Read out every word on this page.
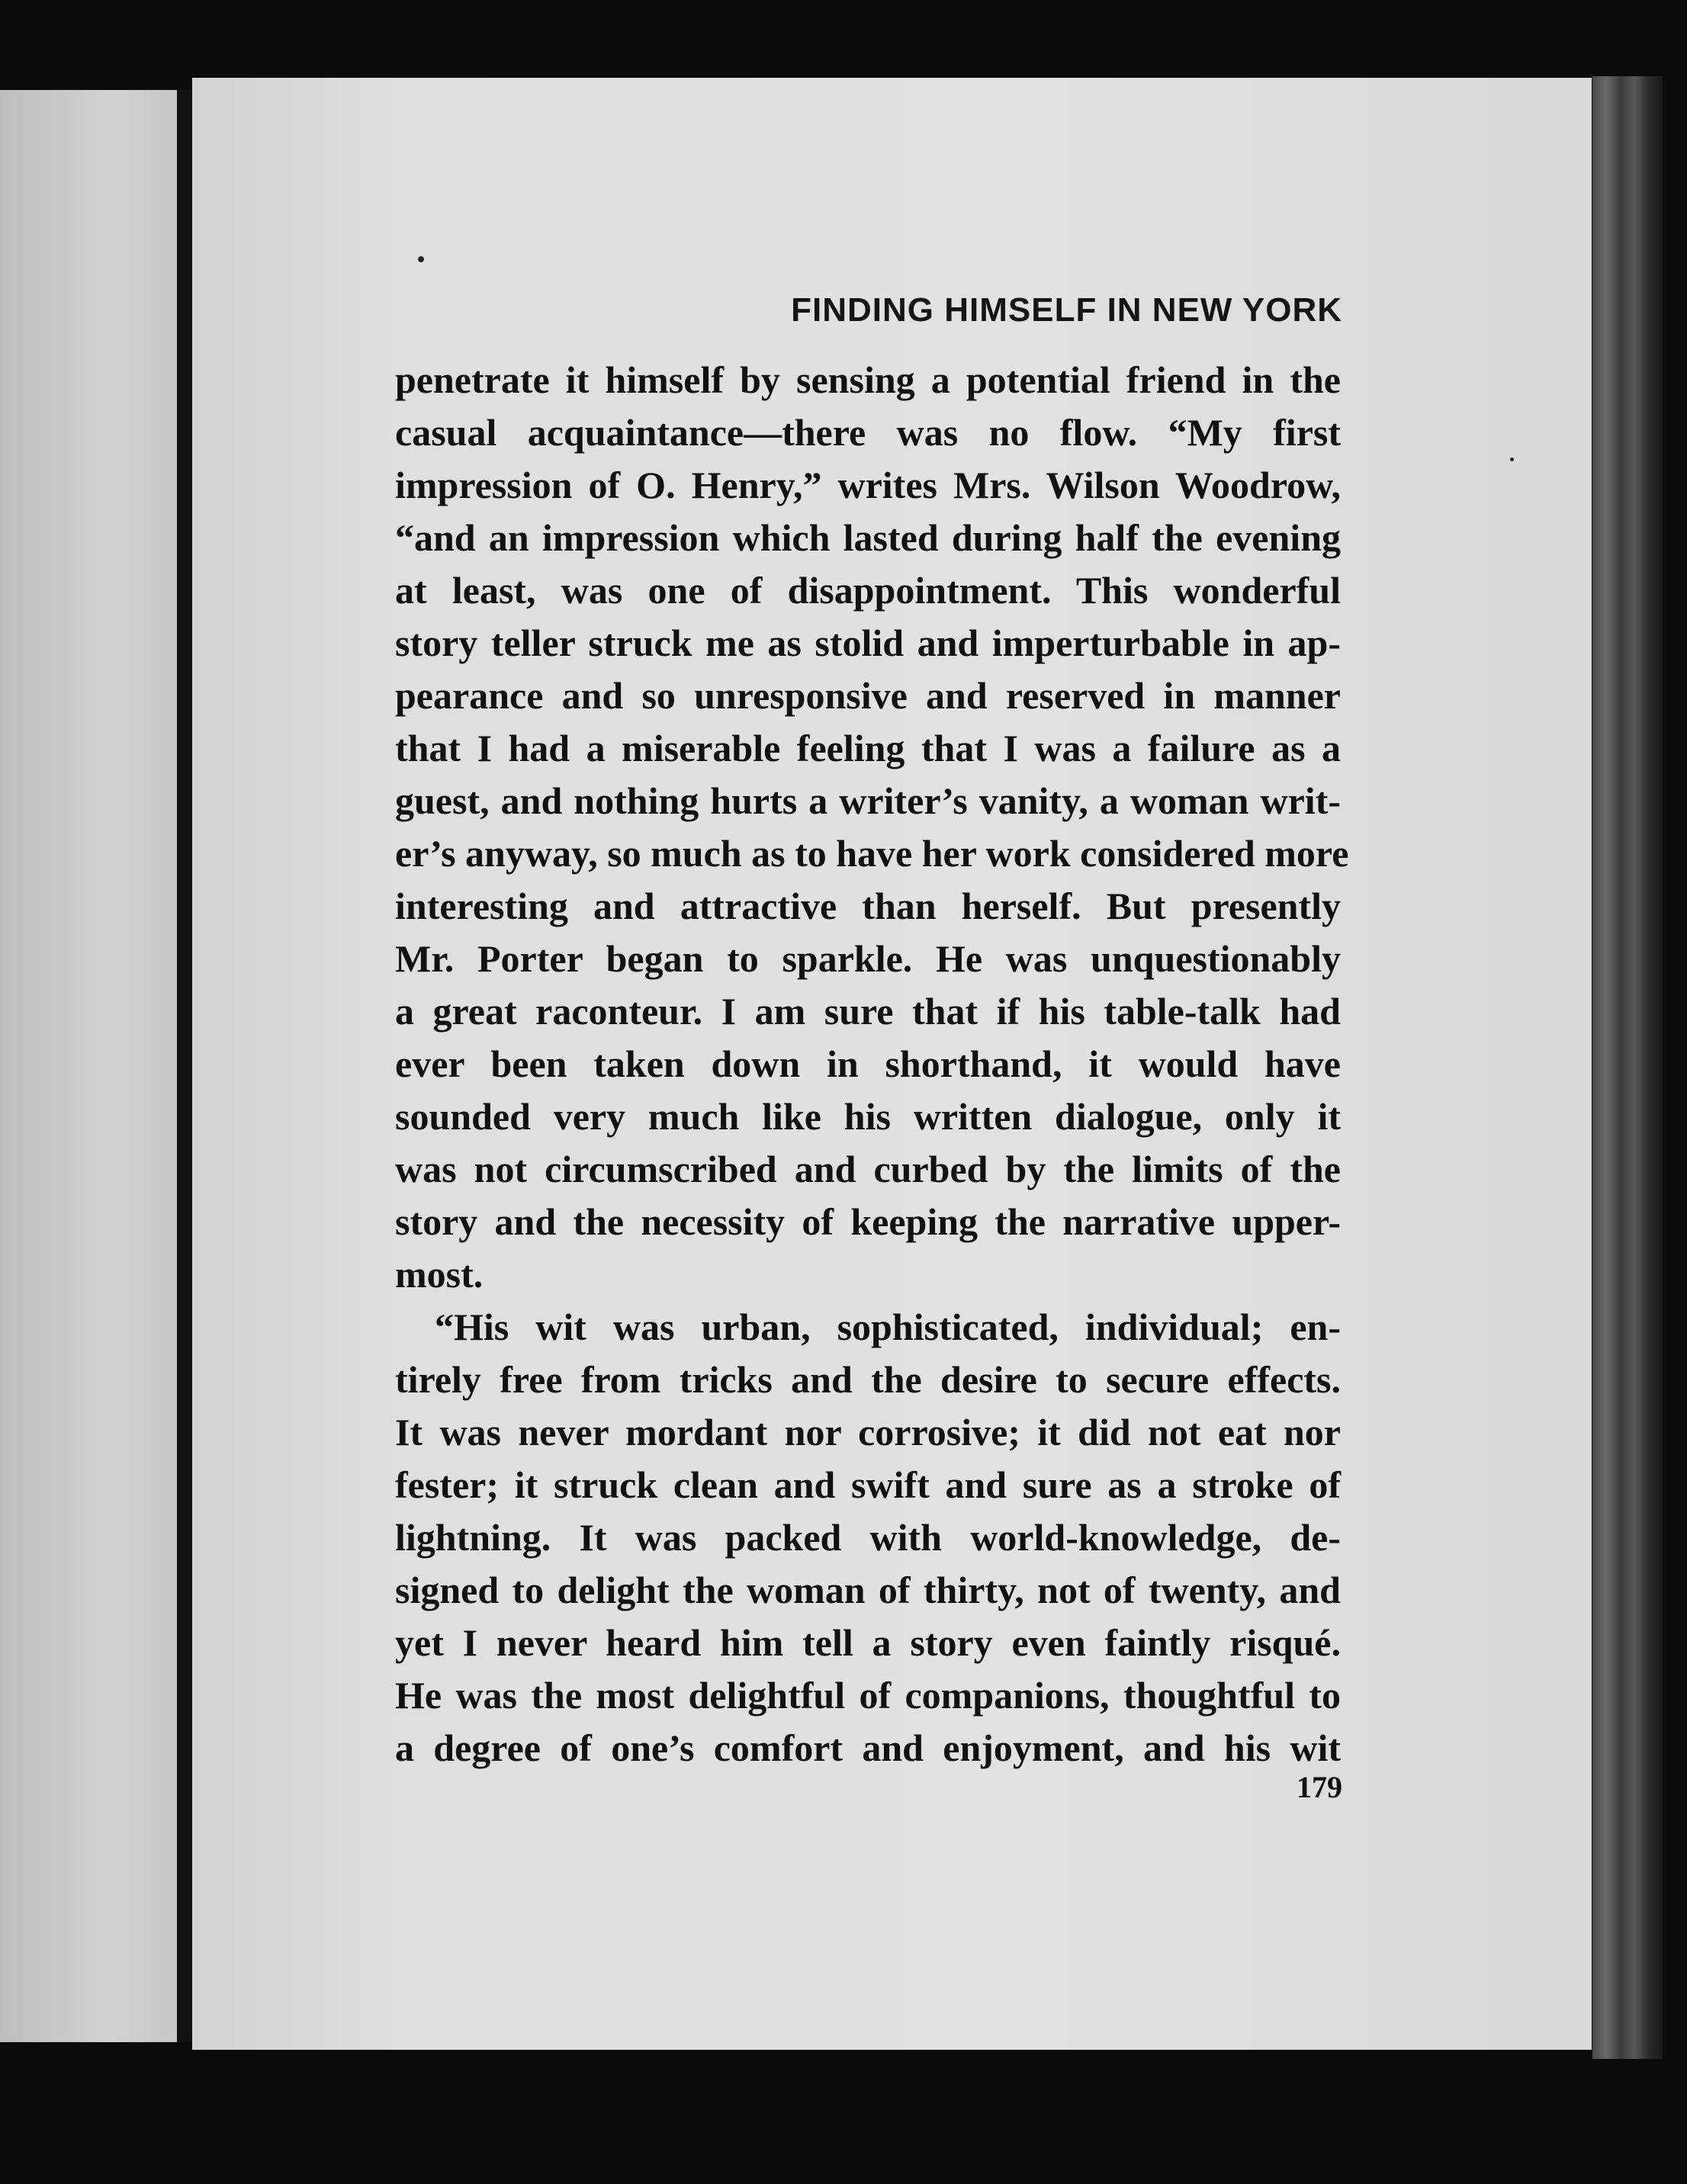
FINDING HIMSELF IN NEW YORK
penetrate it himself by sensing a potential friend in the
casual acquaintance—there was no flow. “My first
impression of O. Henry,” writes Mrs. Wilson Woodrow,
“and an impression which lasted during half the evening
at least, was one of disappointment. This wonderful
story teller struck me as stolid and imperturbable in ap-
pearance and so unresponsive and reserved in manner
that I had a miserable feeling that I was a failure as a
guest, and nothing hurts a writer’s vanity, a woman writ-
er’s anyway, so much as to have her work considered more
interesting and attractive than herself. But presently
Mr. Porter began to sparkle. He was unquestionably
a great raconteur. I am sure that if his table-talk had
ever been taken down in shorthand, it would have
sounded very much like his written dialogue, only it
was not circumscribed and curbed by the limits of the
story and the necessity of keeping the narrative upper-
most.
“His wit was urban, sophisticated, individual; en-
tirely free from tricks and the desire to secure effects.
It was never mordant nor corrosive; it did not eat nor
fester; it struck clean and swift and sure as a stroke of
lightning. It was packed with world-knowledge, de-
signed to delight the woman of thirty, not of twenty, and
yet I never heard him tell a story even faintly risqué.
He was the most delightful of companions, thoughtful to
a degree of one’s comfort and enjoyment, and his wit

179
